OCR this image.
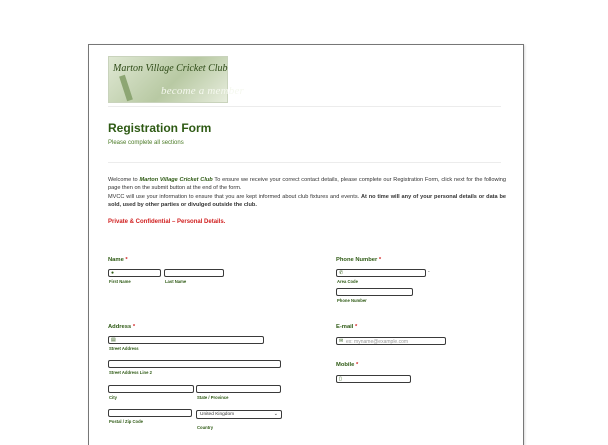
Marton Village Cricket Club
become a member
Registration Form
Please complete all sections
Welcome to Marton Village Cricket Club To ensure we receive your correct contact details, please complete our Registration Form, click next for the following page then on the submit button at the end of the form.
MVCC will use your information to ensure that you are kept informed about club fixtures and events. At no time will any of your personal details or data be sold, used by other parties or divulged outside the club.
Private & Confidential – Personal Details.
Name *
●
First Name	Last Name
Phone Number *
✆	-
Area Code
Phone Number
Address *
▤
Street Address
Street Address Line 2
City	State / Province
Postal / Zip Code
United Kingdom	⌄
Country
E-mail *
✉ ex: myname@example.com
Mobile *
▯
